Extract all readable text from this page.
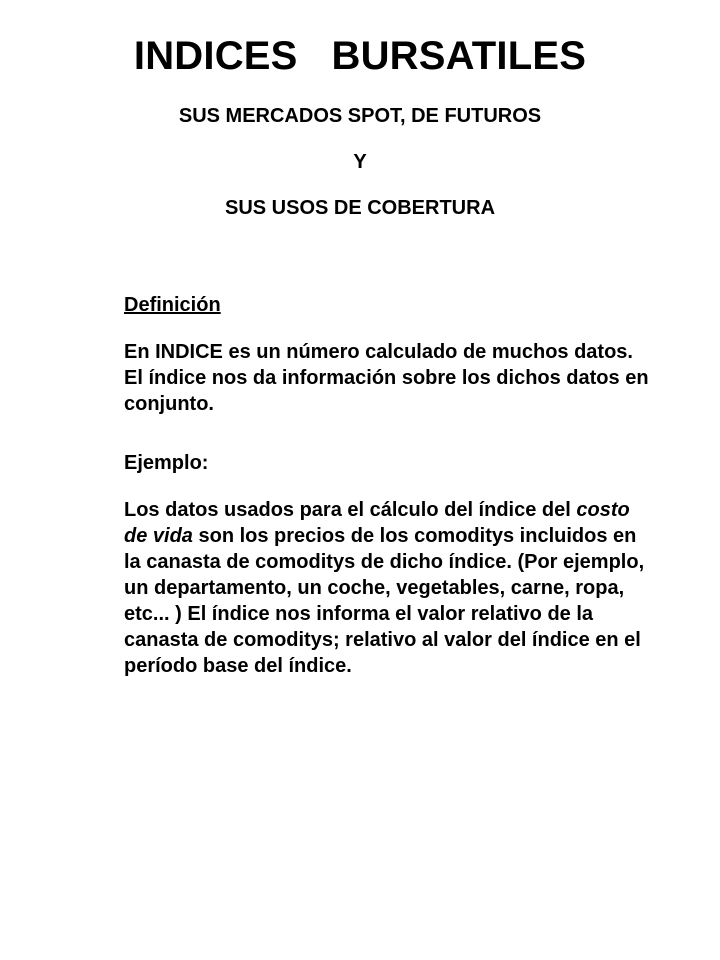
INDICES   BURSATILES
SUS MERCADOS SPOT, DE FUTUROS
Y
SUS USOS DE COBERTURA
Definición
En INDICE es un número calculado de muchos datos.
El índice nos da información sobre los dichos datos en
conjunto.
Ejemplo:
Los datos usados para el cálculo del índice del costo
de vida son los precios de los comoditys incluidos en
la canasta de comoditys de dicho índice. (Por ejemplo,
un departamento, un coche, vegetables, carne, ropa,
etc... ) El índice nos informa el valor relativo de la
canasta de comoditys; relativo al valor del índice en el
período base del índice.
